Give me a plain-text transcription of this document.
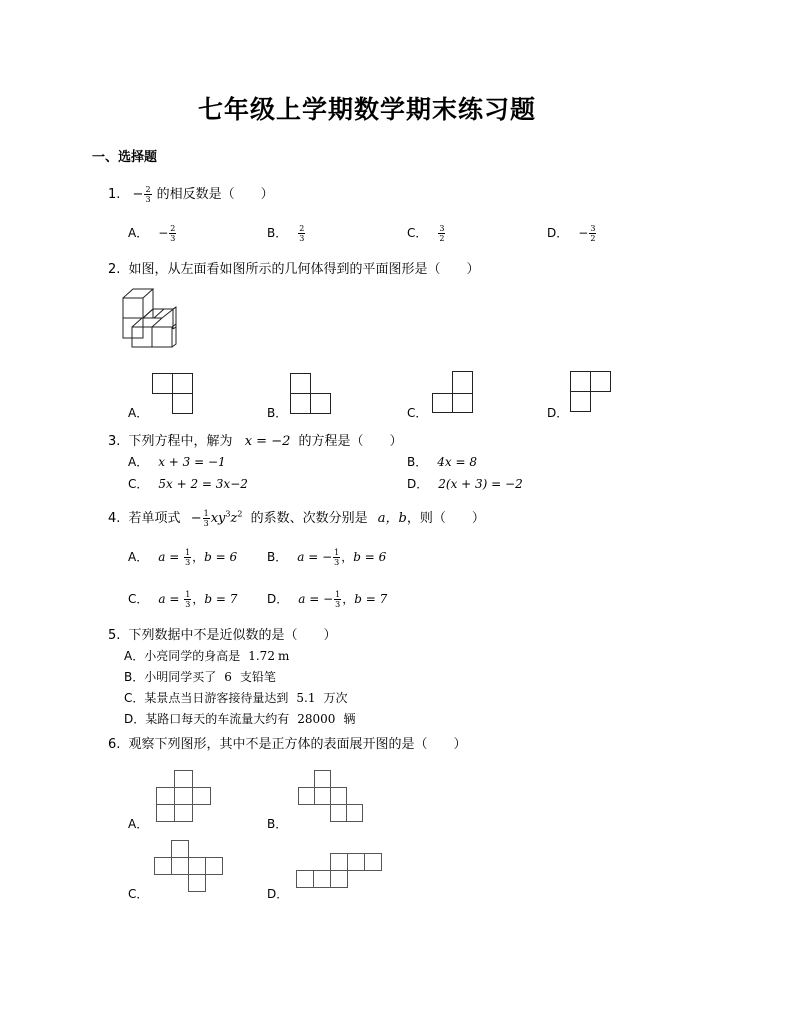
七年级上学期数学期末练习题
一、选择题
1. − $\frac{2}{3}$ 的相反数是（　　）
A． − $\frac{2}{3}$	B． $\frac{2}{3}$	C． $\frac{3}{2}$	D． − $\frac{3}{2}$
2. 如图，从左面看如图所示的几何体得到的平面图形是（　　）
A．	B．	C．	D．
3. 下列方程中，解为 x = −2 的方程是（　　）
A． x + 3 = −1	B． 4x = 8
C． 5x + 2 = 3x−2	D． 2(x + 3) = −2
4. 若单项式 − $\frac{1}{3} xy^3z^2$ 的系数、次数分别是 a，b，则（　　）
A． $a = \frac{1}{3}$ ，b = 6 B． a = − $\frac{1}{3}$ ，b = 6
C． $a = \frac{1}{3}$ ，b = 7 D． a = − $\frac{1}{3}$ ，b = 7
5. 下列数据中不是近似数的是（　　）
A．小亮同学的身高是 1.72 m
B．小明同学买了 6 支铅笔
C．某景点当日游客接待量达到 5.1 万次
D．某路口每天的车流量大约有 28000 辆
6. 观察下列图形，其中不是正方体的表面展开图的是（　　）
A．	B．
C．	D．
